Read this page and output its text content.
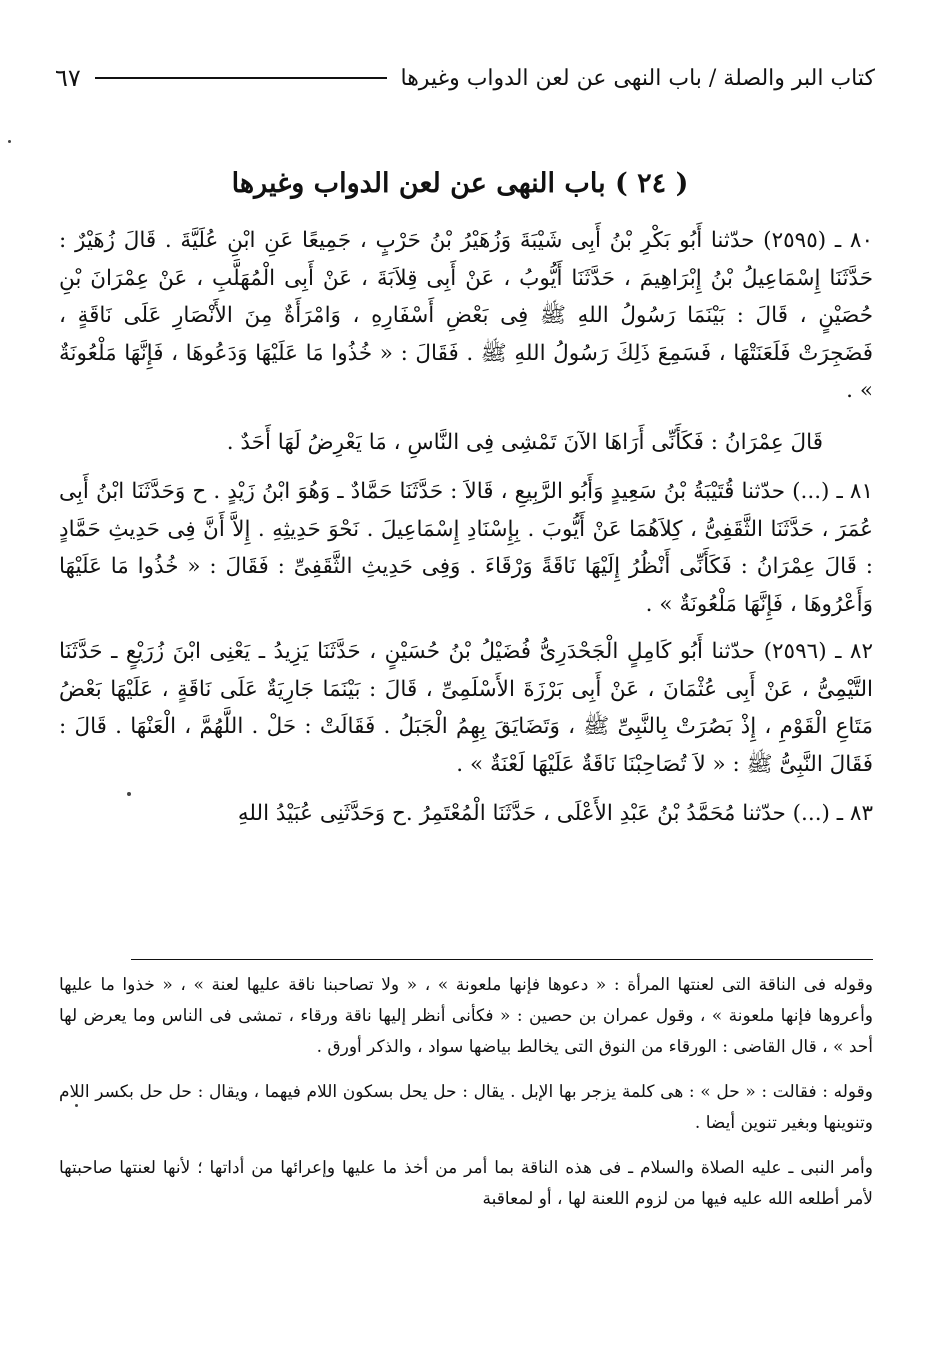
كتاب البر والصلة / باب النهى عن لعن الدواب وغيرها
٦٧
( ٢٤ ) باب النهى عن لعن الدواب وغيرها

٨٠ ـ (٢٥٩٥) حدّثنا أَبُو بَكْرِ بْنُ أَبِى شَيْبَةَ وَزُهَيْرُ بْنُ حَرْبٍ ، جَمِيعًا عَنِ ابْنِ عُلَيَّةَ . قَالَ زُهَيْرٌ : حَدَّثَنَا إِسْمَاعِيلُ بْنُ إِبْرَاهِيمَ ، حَدَّثَنَا أَيُّوبُ ، عَنْ أَبِى قِلاَبَةَ ، عَنْ أَبِى الْمُهَلَّبِ ، عَنْ عِمْرَانَ بْنِ حُصَيْنٍ ، قَالَ : بَيْنَمَا رَسُولُ اللهِ ﷺ فِى بَعْضِ أَسْفَارِهِ ، وَامْرَأَةٌ مِنَ الأَنْصَارِ عَلَى نَاقَةٍ ، فَضَجِرَتْ فَلَعَنَتْهَا ، فَسَمِعَ ذَلِكَ رَسُولُ اللهِ ﷺ . فَقَالَ : « خُذُوا مَا عَلَيْهَا وَدَعُوهَا ، فَإِنَّهَا مَلْعُونَةٌ » .

قَالَ عِمْرَانُ : فَكَأَنِّى أَرَاهَا الآنَ تَمْشِى فِى النَّاسِ ، مَا يَعْرِضُ لَهَا أَحَدٌ .

٨١ ـ (...) حدّثنا قُتَيْبَةُ بْنُ سَعِيدٍ وَأَبُو الرَّبِيعِ ، قَالاَ : حَدَّثَنَا حَمَّادٌ ـ وَهُوَ ابْنُ زَيْدٍ . ح وَحَدَّثَنَا ابْنُ أَبِى عُمَرَ ، حَدَّثَنَا الثَّقَفِىُّ ، كِلاَهُمَا عَنْ أَيُّوبَ . بِإِسْنَادِ إِسْمَاعِيلَ . نَحْوَ حَدِيثِهِ . إِلاَّ أَنَّ فِى حَدِيثِ حَمَّادٍ : قَالَ عِمْرَانُ : فَكَأَنِّى أَنْظُرُ إِلَيْهَا نَاقَةً وَرْقَاءَ . وَفِى حَدِيثِ الثَّقَفِىِّ : فَقَالَ : « خُذُوا مَا عَلَيْهَا وَأَعْرُوهَا ، فَإِنَّهَا مَلْعُونَةٌ » .

٨٢ ـ (٢٥٩٦) حدّثنا أَبُو كَامِلٍ الْجَحْدَرِىُّ فُضَيْلُ بْنُ حُسَيْنٍ ، حَدَّثَنَا يَزِيدُ ـ يَعْنِى ابْنَ زُرَيْعٍ ـ حَدَّثَنَا التَّيْمِىُّ ، عَنْ أَبِى عُثْمَانَ ، عَنْ أَبِى بَرْزَةَ الأَسْلَمِىِّ ، قَالَ : بَيْنَمَا جَارِيَةٌ عَلَى نَاقَةٍ ، عَلَيْهَا بَعْضُ مَتَاعِ الْقَوْمِ ، إِذْ بَصُرَتْ بِالنَّبِىِّ ﷺ ، وَتَضَايَقَ بِهِمُ الْجَبَلُ . فَقَالَتْ : حَلْ . اللَّهُمَّ ، الْعَنْهَا . قَالَ : فَقَالَ النَّبِىُّ ﷺ : « لاَ تُصَاحِبْنَا نَاقَةٌ عَلَيْهَا لَعْنَةٌ » .

٨٣ ـ (...) حدّثنا مُحَمَّدُ بْنُ عَبْدِ الأَعْلَى ، حَدَّثَنَا الْمُعْتَمِرُ .ح وَحَدَّثَنِى عُبَيْدُ اللهِ

وقوله فى الناقة التى لعنتها المرأة : « دعوها فإنها ملعونة » ، « ولا تصاحبنا ناقة عليها لعنة » ، « خذوا ما عليها وأعروها فإنها ملعونة » ، وقول عمران بن حصين : « فكأنى أنظر إليها ناقة ورقاء ، تمشى فى الناس وما يعرض لها أحد » ، قال القاضى : الورقاء من النوق التى يخالط بياضها سواد ، والذكر أورق .

وقوله : فقالت : « حل » : هى كلمة يزجر بها الإبل . يقال : حل يحل بسكون اللام فيهما ، ويقال : حل حل بكسر اللام وتنوينها وبغير تنوين أيضا .

وأمر النبى ـ عليه الصلاة والسلام ـ فى هذه الناقة بما أمر من أخذ ما عليها وإعرائها من أداتها ؛ لأنها لعنتها صاحبتها لأمر أطلعه الله عليه فيها من لزوم اللعنة لها ، أو لمعاقبة
